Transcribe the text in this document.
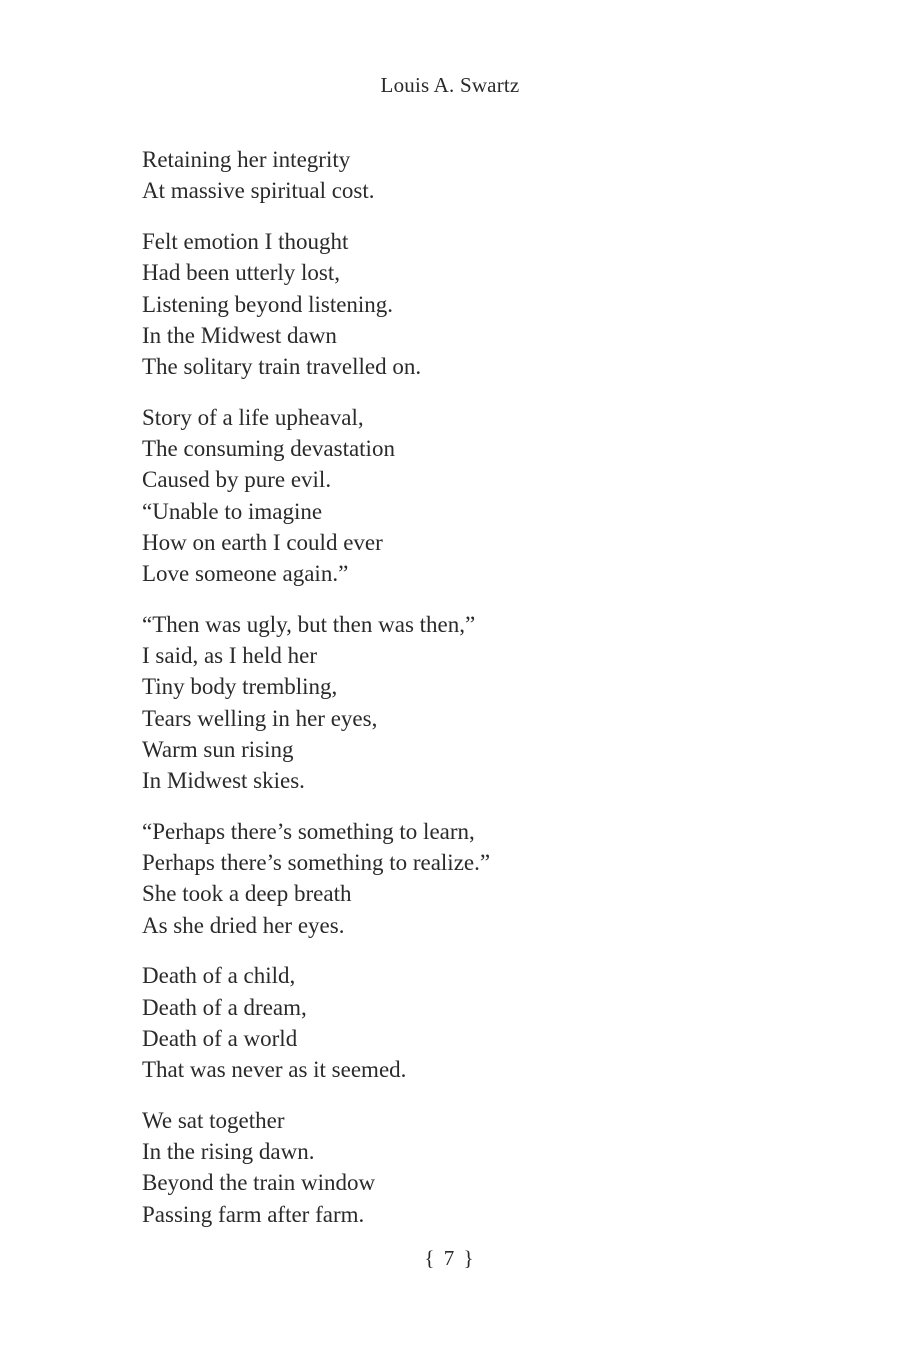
Louis A. Swartz
Retaining her integrity
At massive spiritual cost.
Felt emotion I thought
Had been utterly lost,
Listening beyond listening.
In the Midwest dawn
The solitary train travelled on.
Story of a life upheaval,
The consuming devastation
Caused by pure evil.
“Unable to imagine
How on earth I could ever
Love someone again.”
“Then was ugly, but then was then,”
I said, as I held her
Tiny body trembling,
Tears welling in her eyes,
Warm sun rising
In Midwest skies.
“Perhaps there’s something to learn,
Perhaps there’s something to realize.”
She took a deep breath
As she dried her eyes.
Death of a child,
Death of a dream,
Death of a world
That was never as it seemed.
We sat together
In the rising dawn.
Beyond the train window
Passing farm after farm.
{ 7 }
